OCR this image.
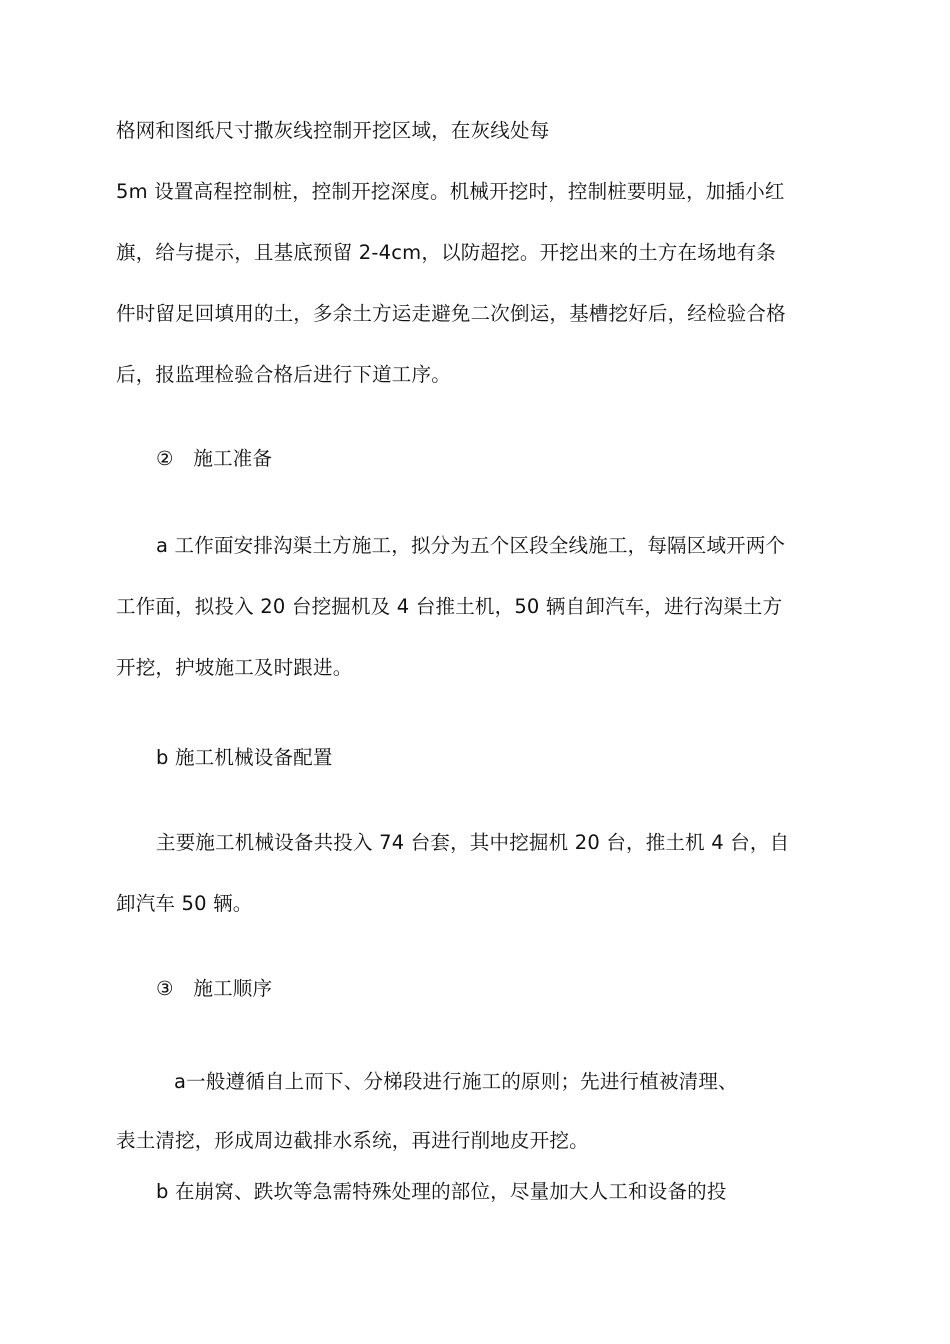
格网和图纸尺寸撒灰线控制开挖区域，在灰线处每
5m 设置高程控制桩，控制开挖深度。机械开挖时，控制桩要明显，加插小红
旗，给与提示，且基底预留 2-4cm，以防超挖。开挖出来的土方在场地有条
件时留足回填用的土，多余土方运走避免二次倒运，基槽挖好后，经检验合格
后，报监理检验合格后进行下道工序。
②　施工准备
a 工作面安排沟渠土方施工，拟分为五个区段全线施工，每隔区域开两个
工作面，拟投入 20 台挖掘机及 4 台推土机，50 辆自卸汽车，进行沟渠土方
开挖，护坡施工及时跟进。
b 施工机械设备配置
主要施工机械设备共投入 74 台套，其中挖掘机 20 台，推土机 4 台，自
卸汽车 50 辆。
③　施工顺序
a一般遵循自上而下、分梯段进行施工的原则；先进行植被清理、
表土清挖，形成周边截排水系统，再进行削地皮开挖。
b 在崩窝、跌坎等急需特殊处理的部位，尽量加大人工和设备的投
